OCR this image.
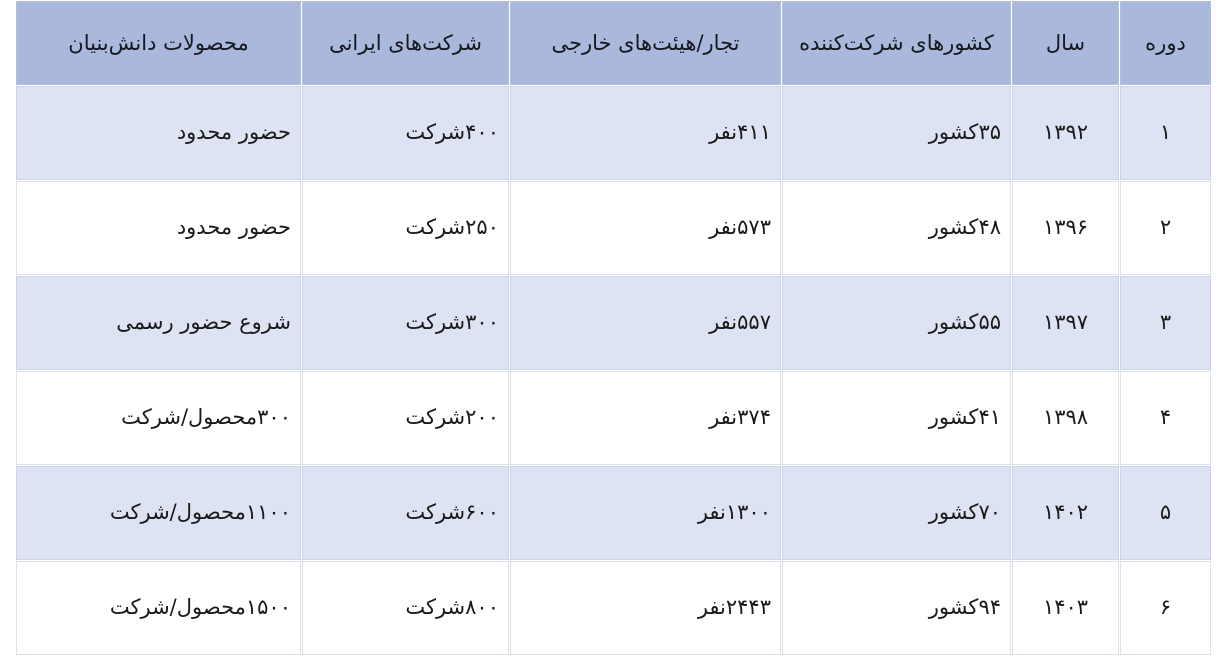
دوره	سال	کشورهای شرکت‌کننده	تجار/هیئت‌های خارجی	شرکت‌های ایرانی	محصولات دانش‌بنیان
۱	۱۳۹۲	۳۵کشور	۴۱۱نفر	۴۰۰شرکت	حضور محدود
۲	۱۳۹۶	۴۸کشور	۵۷۳نفر	۲۵۰شرکت	حضور محدود
۳	۱۳۹۷	۵۵کشور	۵۵۷نفر	۳۰۰شرکت	شروع حضور رسمی
۴	۱۳۹۸	۴۱کشور	۳۷۴نفر	۲۰۰شرکت	۳۰۰محصول/شرکت
۵	۱۴۰۲	۷۰کشور	۱۳۰۰نفر	۶۰۰شرکت	۱۱۰۰محصول/شرکت
۶	۱۴۰۳	۹۴کشور	۲۴۴۳نفر	۸۰۰شرکت	۱۵۰۰محصول/شرکت
